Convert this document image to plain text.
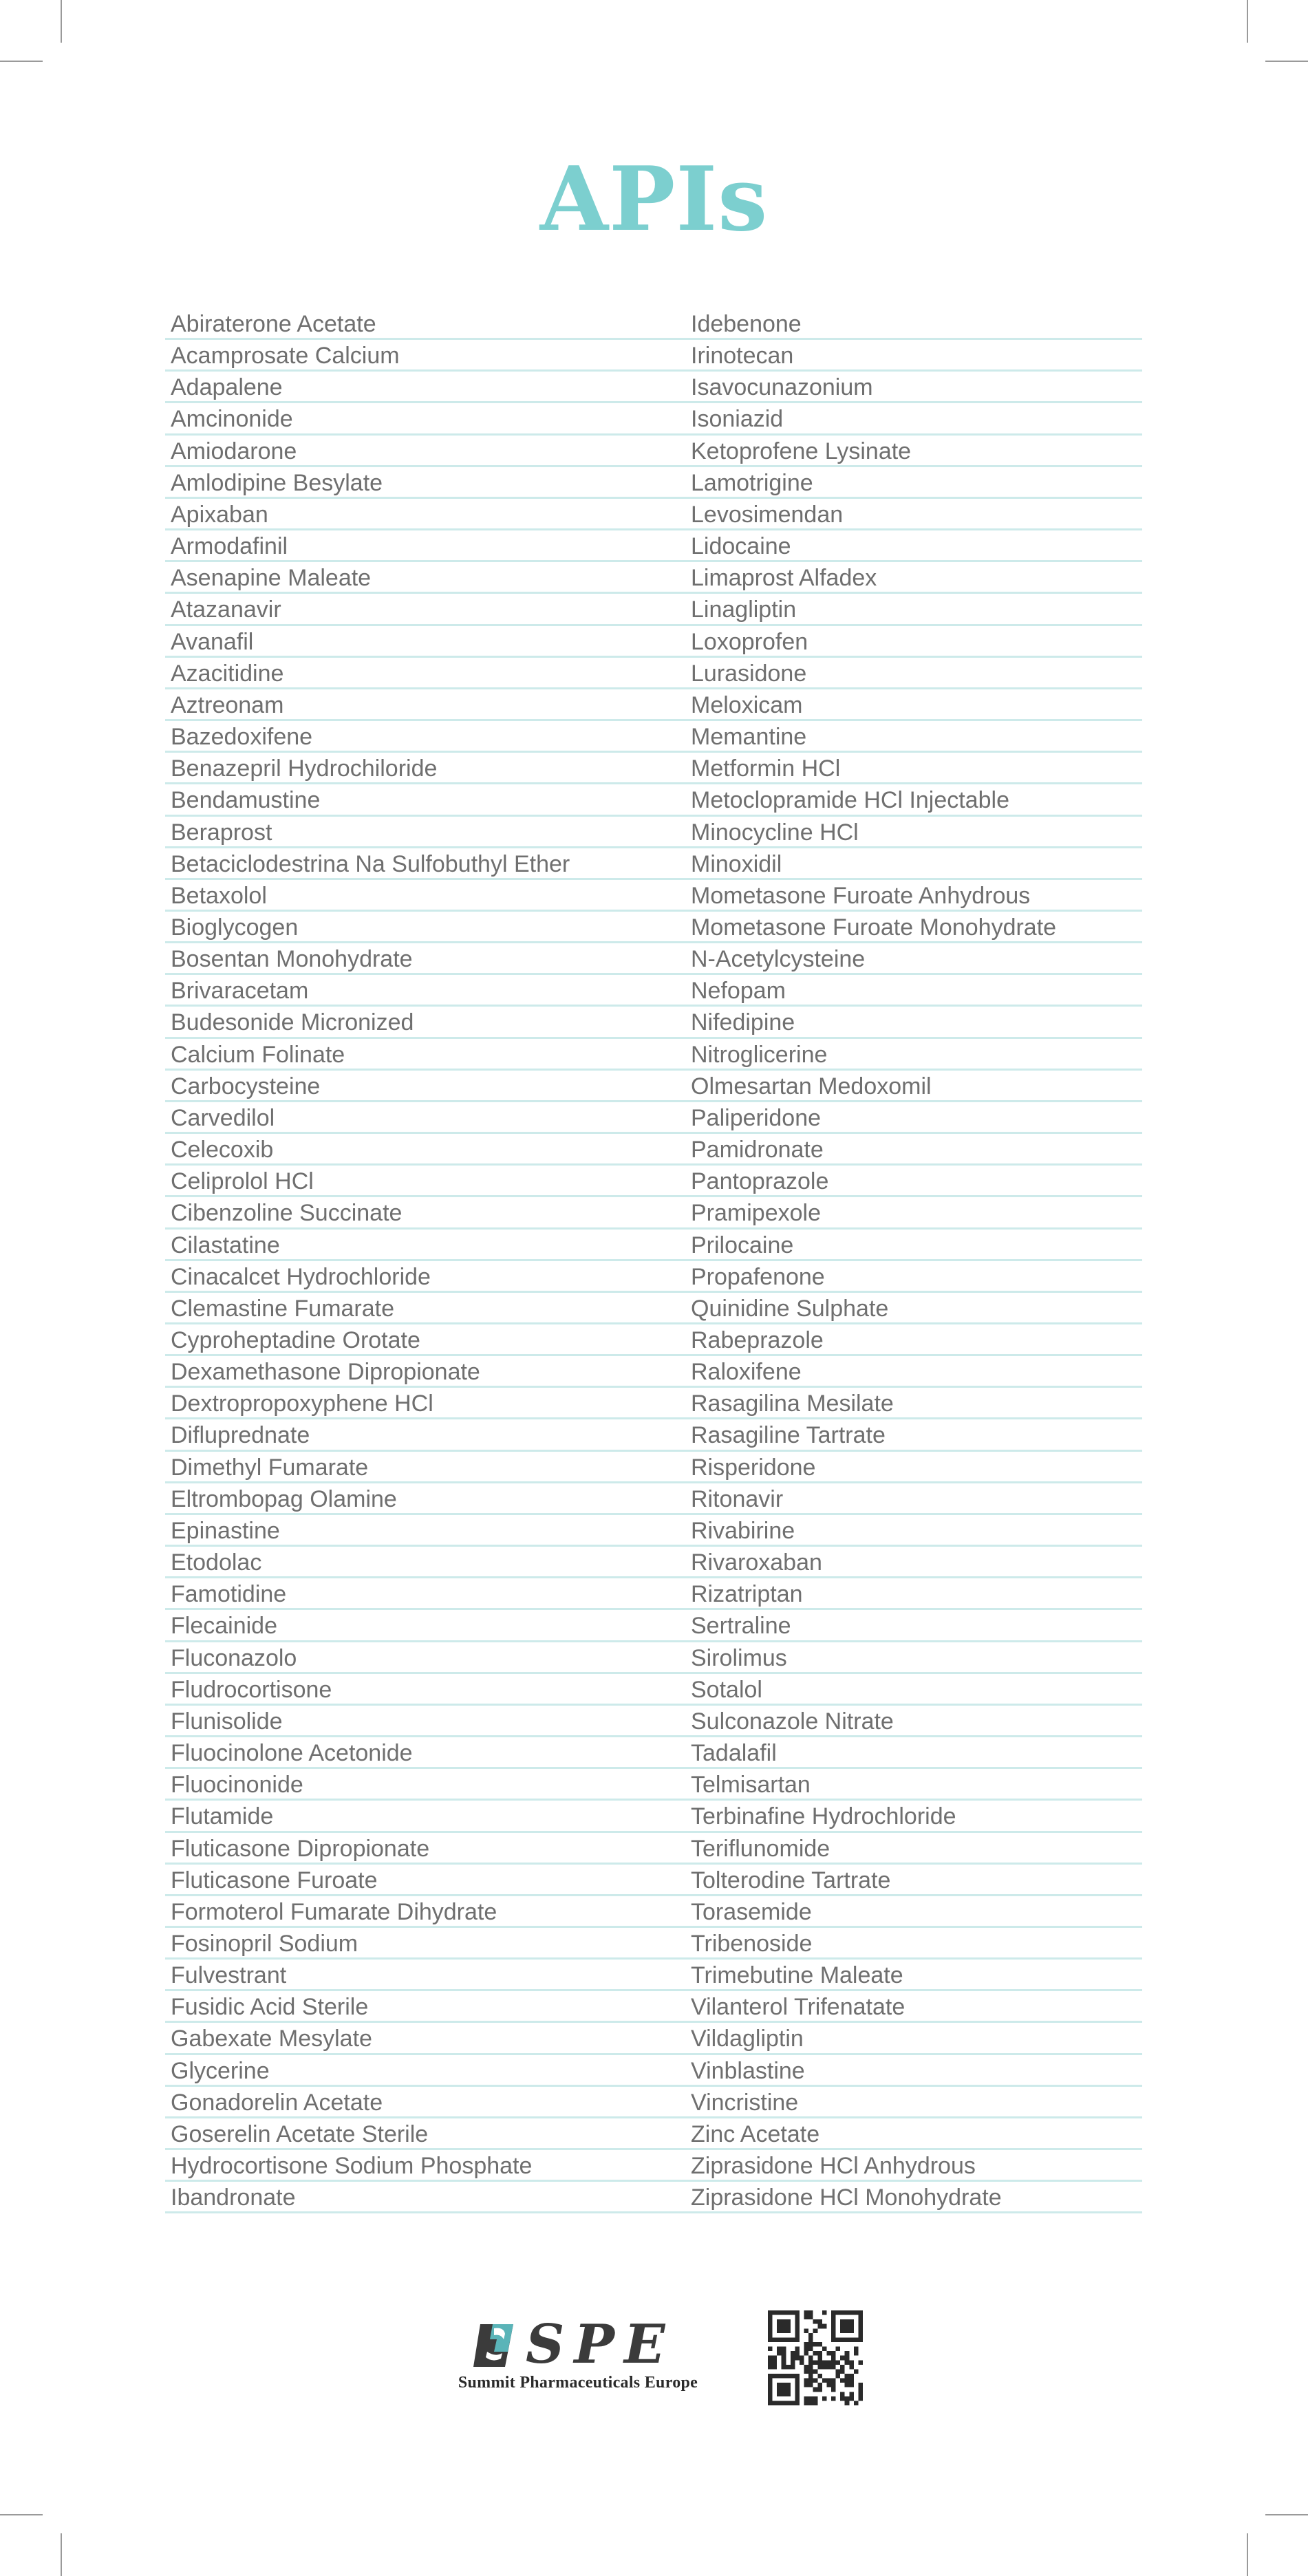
APIs
Abiraterone Acetate
Acamprosate Calcium
Adapalene
Amcinonide
Amiodarone
Amlodipine Besylate
Apixaban
Armodafinil
Asenapine Maleate
Atazanavir
Avanafil
Azacitidine
Aztreonam
Bazedoxifene
Benazepril Hydrochiloride
Bendamustine
Beraprost
Betaciclodestrina Na Sulfobuthyl Ether
Betaxolol
Bioglycogen
Bosentan Monohydrate
Brivaracetam
Budesonide Micronized
Calcium Folinate
Carbocysteine
Carvedilol
Celecoxib
Celiprolol HCl
Cibenzoline Succinate
Cilastatine
Cinacalcet Hydrochloride
Clemastine Fumarate
Cyproheptadine Orotate
Dexamethasone Dipropionate
Dextropropoxyphene HCl
Difluprednate
Dimethyl Fumarate
Eltrombopag Olamine
Epinastine
Etodolac
Famotidine
Flecainide
Fluconazolo
Fludrocortisone
Flunisolide
Fluocinolone Acetonide
Fluocinonide
Flutamide
Fluticasone Dipropionate
Fluticasone Furoate
Formoterol Fumarate Dihydrate
Fosinopril Sodium
Fulvestrant
Fusidic Acid Sterile
Gabexate Mesylate
Glycerine
Gonadorelin Acetate
Goserelin Acetate Sterile
Hydrocortisone Sodium Phosphate
Ibandronate
Idebenone
Irinotecan
Isavocunazonium
Isoniazid
Ketoprofene Lysinate
Lamotrigine
Levosimendan
Lidocaine
Limaprost Alfadex
Linagliptin
Loxoprofen
Lurasidone
Meloxicam
Memantine
Metformin HCl
Metoclopramide HCl Injectable
Minocycline HCl
Minoxidil
Mometasone Furoate Anhydrous
Mometasone Furoate Monohydrate
N-Acetylcysteine
Nefopam
Nifedipine
Nitroglicerine
Olmesartan Medoxomil
Paliperidone
Pamidronate
Pantoprazole
Pramipexole
Prilocaine
Propafenone
Quinidine Sulphate
Rabeprazole
Raloxifene
Rasagilina Mesilate
Rasagiline Tartrate
Risperidone
Ritonavir
Rivabirine
Rivaroxaban
Rizatriptan
Sertraline
Sirolimus
Sotalol
Sulconazole Nitrate
Tadalafil
Telmisartan
Terbinafine Hydrochloride
Teriflunomide
Tolterodine Tartrate
Torasemide
Tribenoside
Trimebutine Maleate
Vilanterol Trifenatate
Vildagliptin
Vinblastine
Vincristine
Zinc Acetate
Ziprasidone HCl Anhydrous
Ziprasidone HCl Monohydrate
SPE
Summit Pharmaceuticals Europe
